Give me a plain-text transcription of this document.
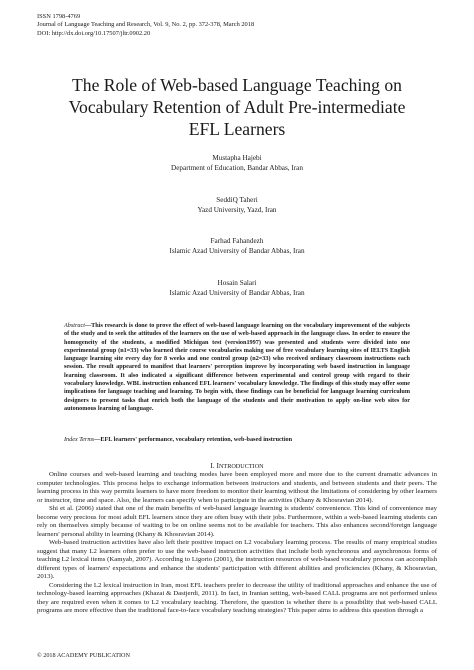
ISSN 1798-4769
Journal of Language Teaching and Research, Vol. 9, No. 2, pp. 372-378, March 2018
DOI: http://dx.doi.org/10.17507/jltr.0902.20
The Role of Web-based Language Teaching on
Vocabulary Retention of Adult Pre-intermediate
EFL Learners
Mustapha Hajebi
Department of Education, Bandar Abbas, Iran
SeddiQ Taheri
Yazd University, Yazd, Iran
Farhad Fahandezh
Islamic Azad University of Bandar Abbas, Iran
Hosain Salari
Islamic Azad University of Bandar Abbas, Iran
Abstract—This research is done to prove the effect of web-based language learning on the vocabulary improvement of the subjects of the study and to seek the attitudes of the learners on the use of web-based approach in the language class. In order to ensure the homogeneity of the students, a modified Michigan test (version1997) was presented and students were divided into one experimental group (n1=33) who learned their course vocabularies making use of free vocabulary learning sites of IELTS English language learning site every day for 8 weeks and one control group (n2=33) who received ordinary classroom instructions each session. The result appeared to manifest that learners' perception improve by incorporating web based instruction in language learning classroom. It also indicated a significant difference between experimental and control group with regard to their vocabulary knowledge. WBL instruction enhanced EFL learners' vocabulary knowledge. The findings of this study may offer some implications for language teaching and learning. To begin with, these findings can be beneficial for language learning curriculum designers to present tasks that enrich both the language of the students and their motivation to apply on-line web sites for autonomous learning of language.
Index Terms—EFL learners' performance, vocabulary retention, web-based instruction
I. INTRODUCTION

Online courses and web-based learning and teaching modes have been employed more and more due to the current dramatic advances in computer technologies. This process helps to exchange information between instructors and students, and between students and their peers. The learning process in this way permits learners to have more freedom to monitor their learning without the limitations of considering by other learners or instructor, time and space. Also, the learners can specify when to participate in the activities (Khany & Khosravian 2014).

Shi et al. (2006) stated that one of the main benefits of web-based language learning is students' convenience. This kind of convenience may become very precious for most adult EFL learners since they are often busy with their jobs. Furthermore, within a web-based learning students can rely on themselves simply because of waiting to be on online seems not to be available for teachers. This also enhances second/foreign language learners' personal ability in learning (Khany & Khosravian 2014).

Web-based instruction activities have also left their positive impact on L2 vocabulary learning process. The results of many empirical studies suggest that many L2 learners often prefer to use the web-based instruction activities that include both synchronous and asynchronous forms of teaching L2 lexical items (Kamyab, 2007). According to Ligorio (2001), the instruction resources of web-based vocabulary process can accomplish different types of learners' expectations and enhance the students' participation with different abilities and proficiencies (Khany, & Khosravian, 2013).

Considering the L2 lexical instruction in Iran, most EFL teachers prefer to decrease the utility of traditional approaches and enhance the use of technology-based learning approaches (Khazai & Dastjerdi, 2011). In fact, in Iranian setting, web-based CALL programs are not performed unless they are required even when it comes to L2 vocabulary teaching. Therefore, the question is whether there is a possibility that web-based CALL programs are more effective than the traditional face-to-face vocabulary teaching strategies? This paper aims to address this question through a

© 2018 ACADEMY PUBLICATION
